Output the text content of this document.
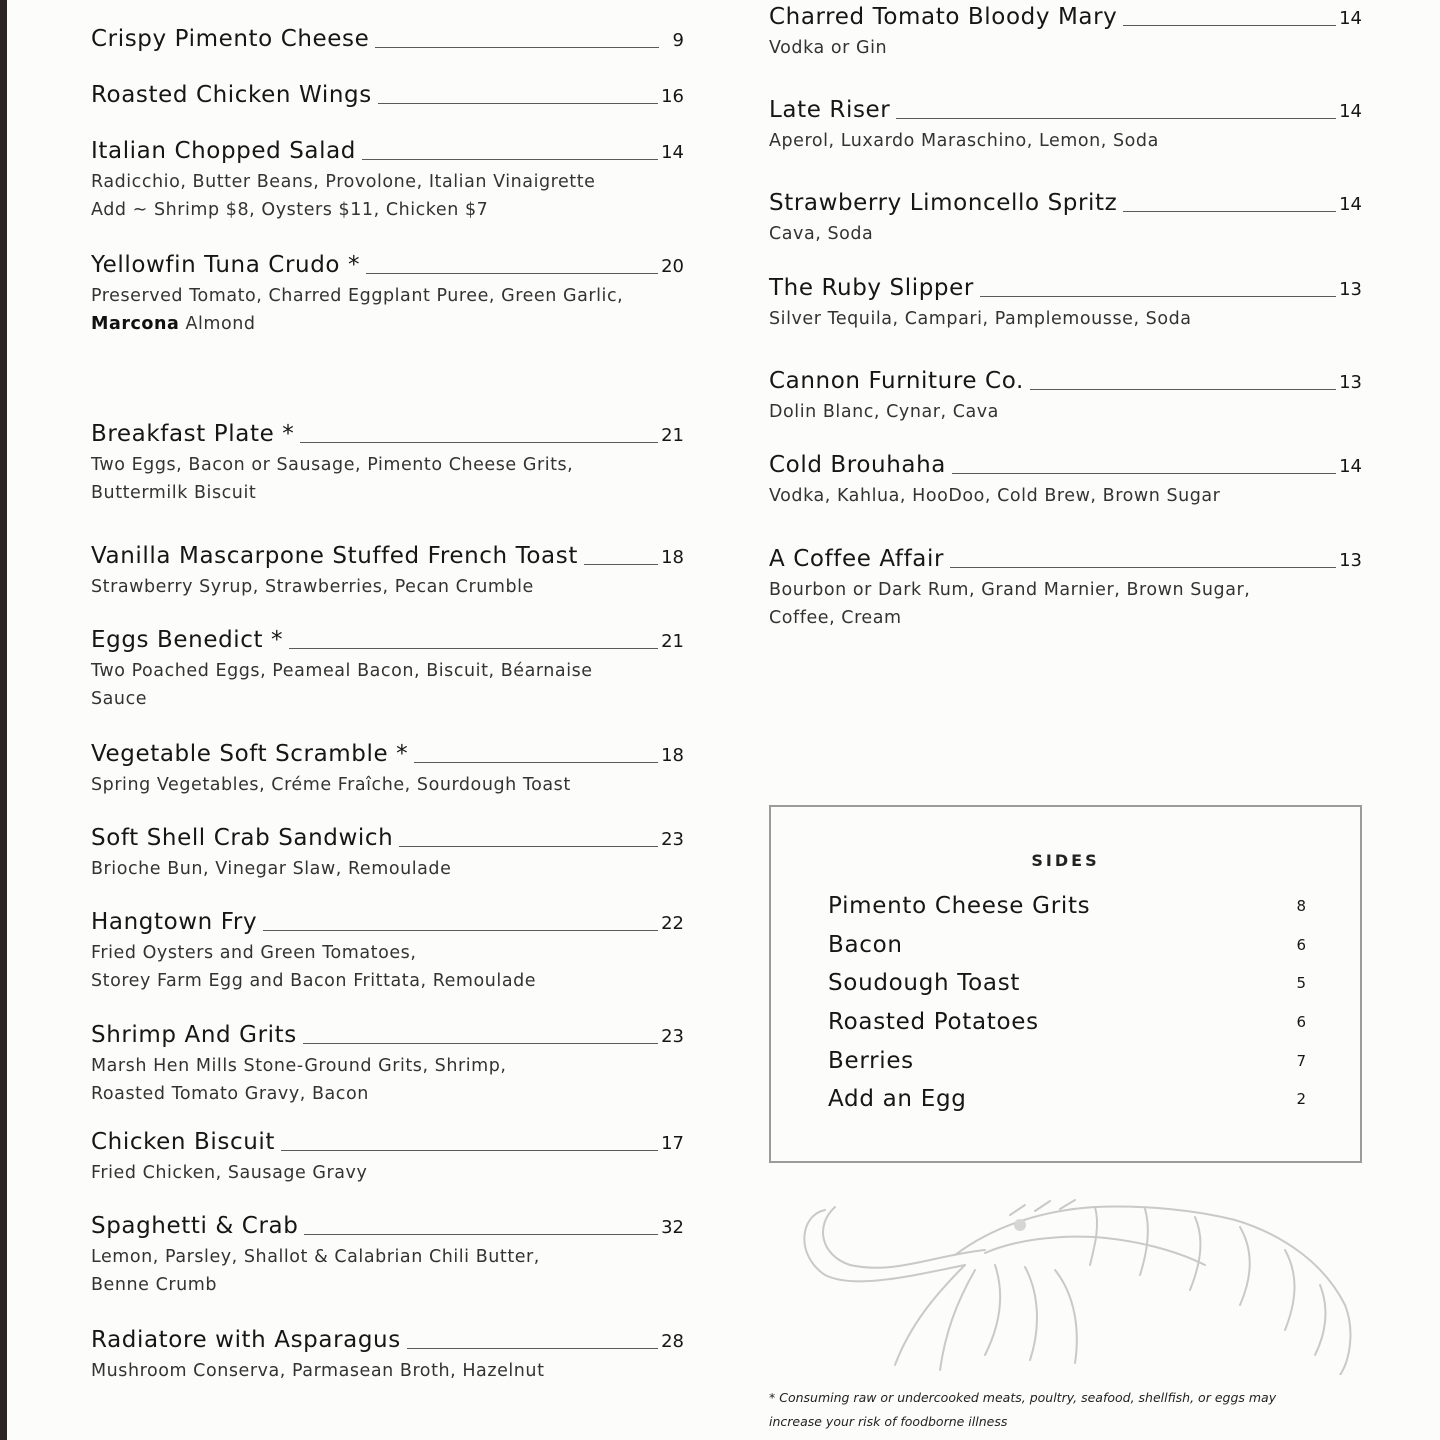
Crispy Pimento Cheese	9
Roasted Chicken Wings	16
Italian Chopped Salad	14
Radicchio, Butter Beans, Provolone, Italian Vinaigrette
Add ~ Shrimp $8, Oysters $11, Chicken $7
Yellowfin Tuna Crudo *	20
Preserved Tomato, Charred Eggplant Puree, Green Garlic,
Marcona Almond
Breakfast Plate *	21
Two Eggs, Bacon or Sausage, Pimento Cheese Grits,
Buttermilk Biscuit
Vanilla Mascarpone Stuffed French Toast	18
Strawberry Syrup, Strawberries, Pecan Crumble
Eggs Benedict *	21
Two Poached Eggs, Peameal Bacon, Biscuit, Béarnaise
Sauce
Vegetable Soft Scramble *	18
Spring Vegetables, Créme Fraîche, Sourdough Toast
Soft Shell Crab Sandwich	23
Brioche Bun, Vinegar Slaw, Remoulade
Hangtown Fry	22
Fried Oysters and Green Tomatoes,
Storey Farm Egg and Bacon Frittata, Remoulade
Shrimp And Grits	23
Marsh Hen Mills Stone-Ground Grits, Shrimp,
Roasted Tomato Gravy, Bacon
Chicken Biscuit	17
Fried Chicken, Sausage Gravy
Spaghetti & Crab	32
Lemon, Parsley, Shallot & Calabrian Chili Butter,
Benne Crumb
Radiatore with Asparagus	28
Mushroom Conserva, Parmasean Broth, Hazelnut
Charred Tomato Bloody Mary	14
Vodka or Gin
Late Riser	14
Aperol, Luxardo Maraschino, Lemon, Soda
Strawberry Limoncello Spritz	14
Cava, Soda
The Ruby Slipper	13
Silver Tequila, Campari, Pamplemousse, Soda
Cannon Furniture Co.	13
Dolin Blanc, Cynar, Cava
Cold Brouhaha	14
Vodka, Kahlua, HooDoo, Cold Brew, Brown Sugar
A Coffee Affair	13
Bourbon or Dark Rum, Grand Marnier, Brown Sugar,
Coffee, Cream
SIDES
Pimento Cheese Grits	8
Bacon	6
Soudough Toast	5
Roasted Potatoes	6
Berries	7
Add an Egg	2
* Consuming raw or undercooked meats, poultry, seafood, shellfish, or eggs may
increase your risk of foodborne illness
